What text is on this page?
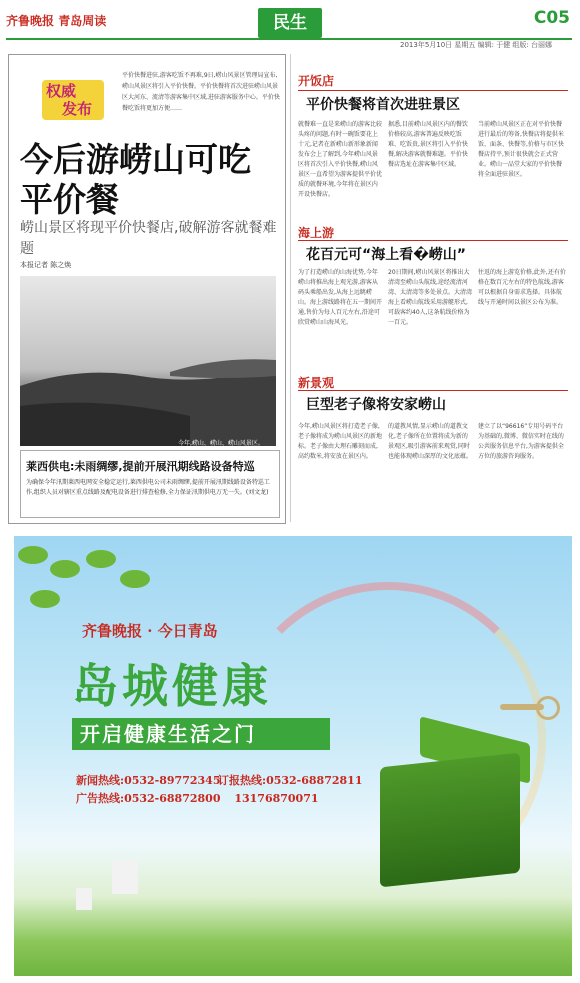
齐鲁晚报 青岛周读	民生	C05
2013年5月10日 星期五 编辑: 于健 组版: 台丽娜
权威
发布
平价快餐进驻,游客吃饭不再难,9日,崂山风景区管理局宣布,崂山风景区将引入平价快餐。平价快餐将首次进驻崂山风景区大河东、流清等游客集中区域,进驻游客服务中心。平价快餐吃饭将更加方便……
今后游崂山可吃平价餐
崂山景区将现平价快餐店,破解游客就餐难题
本报记者 陈之焕
今年,崂山、崂山、崂山风景区。
莱西供电:未雨绸缪,提前开展汛期线路设备特巡
为确保今年汛期莱西电网安全稳定运行,莱西供电公司未雨绸缪,提前开展汛期线路设备特巡工作,组织人员对辖区重点线路及配电设备进行排查检修,全力保证汛期供电万无一失。(刘文龙)
开饭店
平价快餐将首次进驻景区
就餐难一直是来崂山的游客比较头疼的问题,有时一碗饭要花上十元,记者在新崂山新形象新闻发布会上了解到,今年崂山风景区将首次引入平价快餐,崂山风景区一直希望为游客提供平价优质的就餐环境,今年将在景区内开设快餐店。
据悉,目前崂山风景区内的餐饮价格较高,游客普遍反映吃饭难、吃饭贵,景区将引入平价快餐,解决游客就餐难题。平价快餐店选址在游客集中区域。
当前崂山风景区正在对平价快餐进行最后的筹备,快餐店将提供米饭、面条、快餐等,价格与市区快餐店持平,预计很快就会正式营业。崂山一品堂大家的平价快餐将全面进驻景区。
海上游
花百元可“海上看�崂山”
为了打造崂山的山海优势,今年崂山将推出海上观光游,游客从码头乘船出发,从海上远眺崂山。海上游线路将在五一期间开通,售价为每人百元左右,沿途可欣赏崂山山海风光。
20日期间,崂山风景区将推出大清湾至崂山头航线,途经流清河湾、太清湾等多处景点。大清湾海上看崂山航线采用游艇形式,可载客约40人,这条航线价格为一百元。
往返的海上游览价格,此外,还有价格在数百元左右的特色航线,游客可以根据自身需求选择。具体航线与开通时间以景区公布为准。
新景观
巨型老子像将安家崂山
今年,崂山风景区将打造老子像,老子像将成为崂山风景区的新地标。老子像由大理石雕刻而成,高约数米,将安放在景区内。
的道教风情,显示崂山的道教文化,老子像所在位置将成为新的景观区,吸引游客前来观赏,同时也能体现崂山深厚的文化底蕴。
建立了以“96616”专用号码平台为基础的,微博、微信实时在线的公共服务信息平台,为游客提供全方位的旅游咨询服务。
齐鲁晚报 · 今日青岛
岛城健康
开启健康生活之门
新闻热线:0532-89772345
订报热线:0532-68872811
广告热线:0532-68872800 13176870071
